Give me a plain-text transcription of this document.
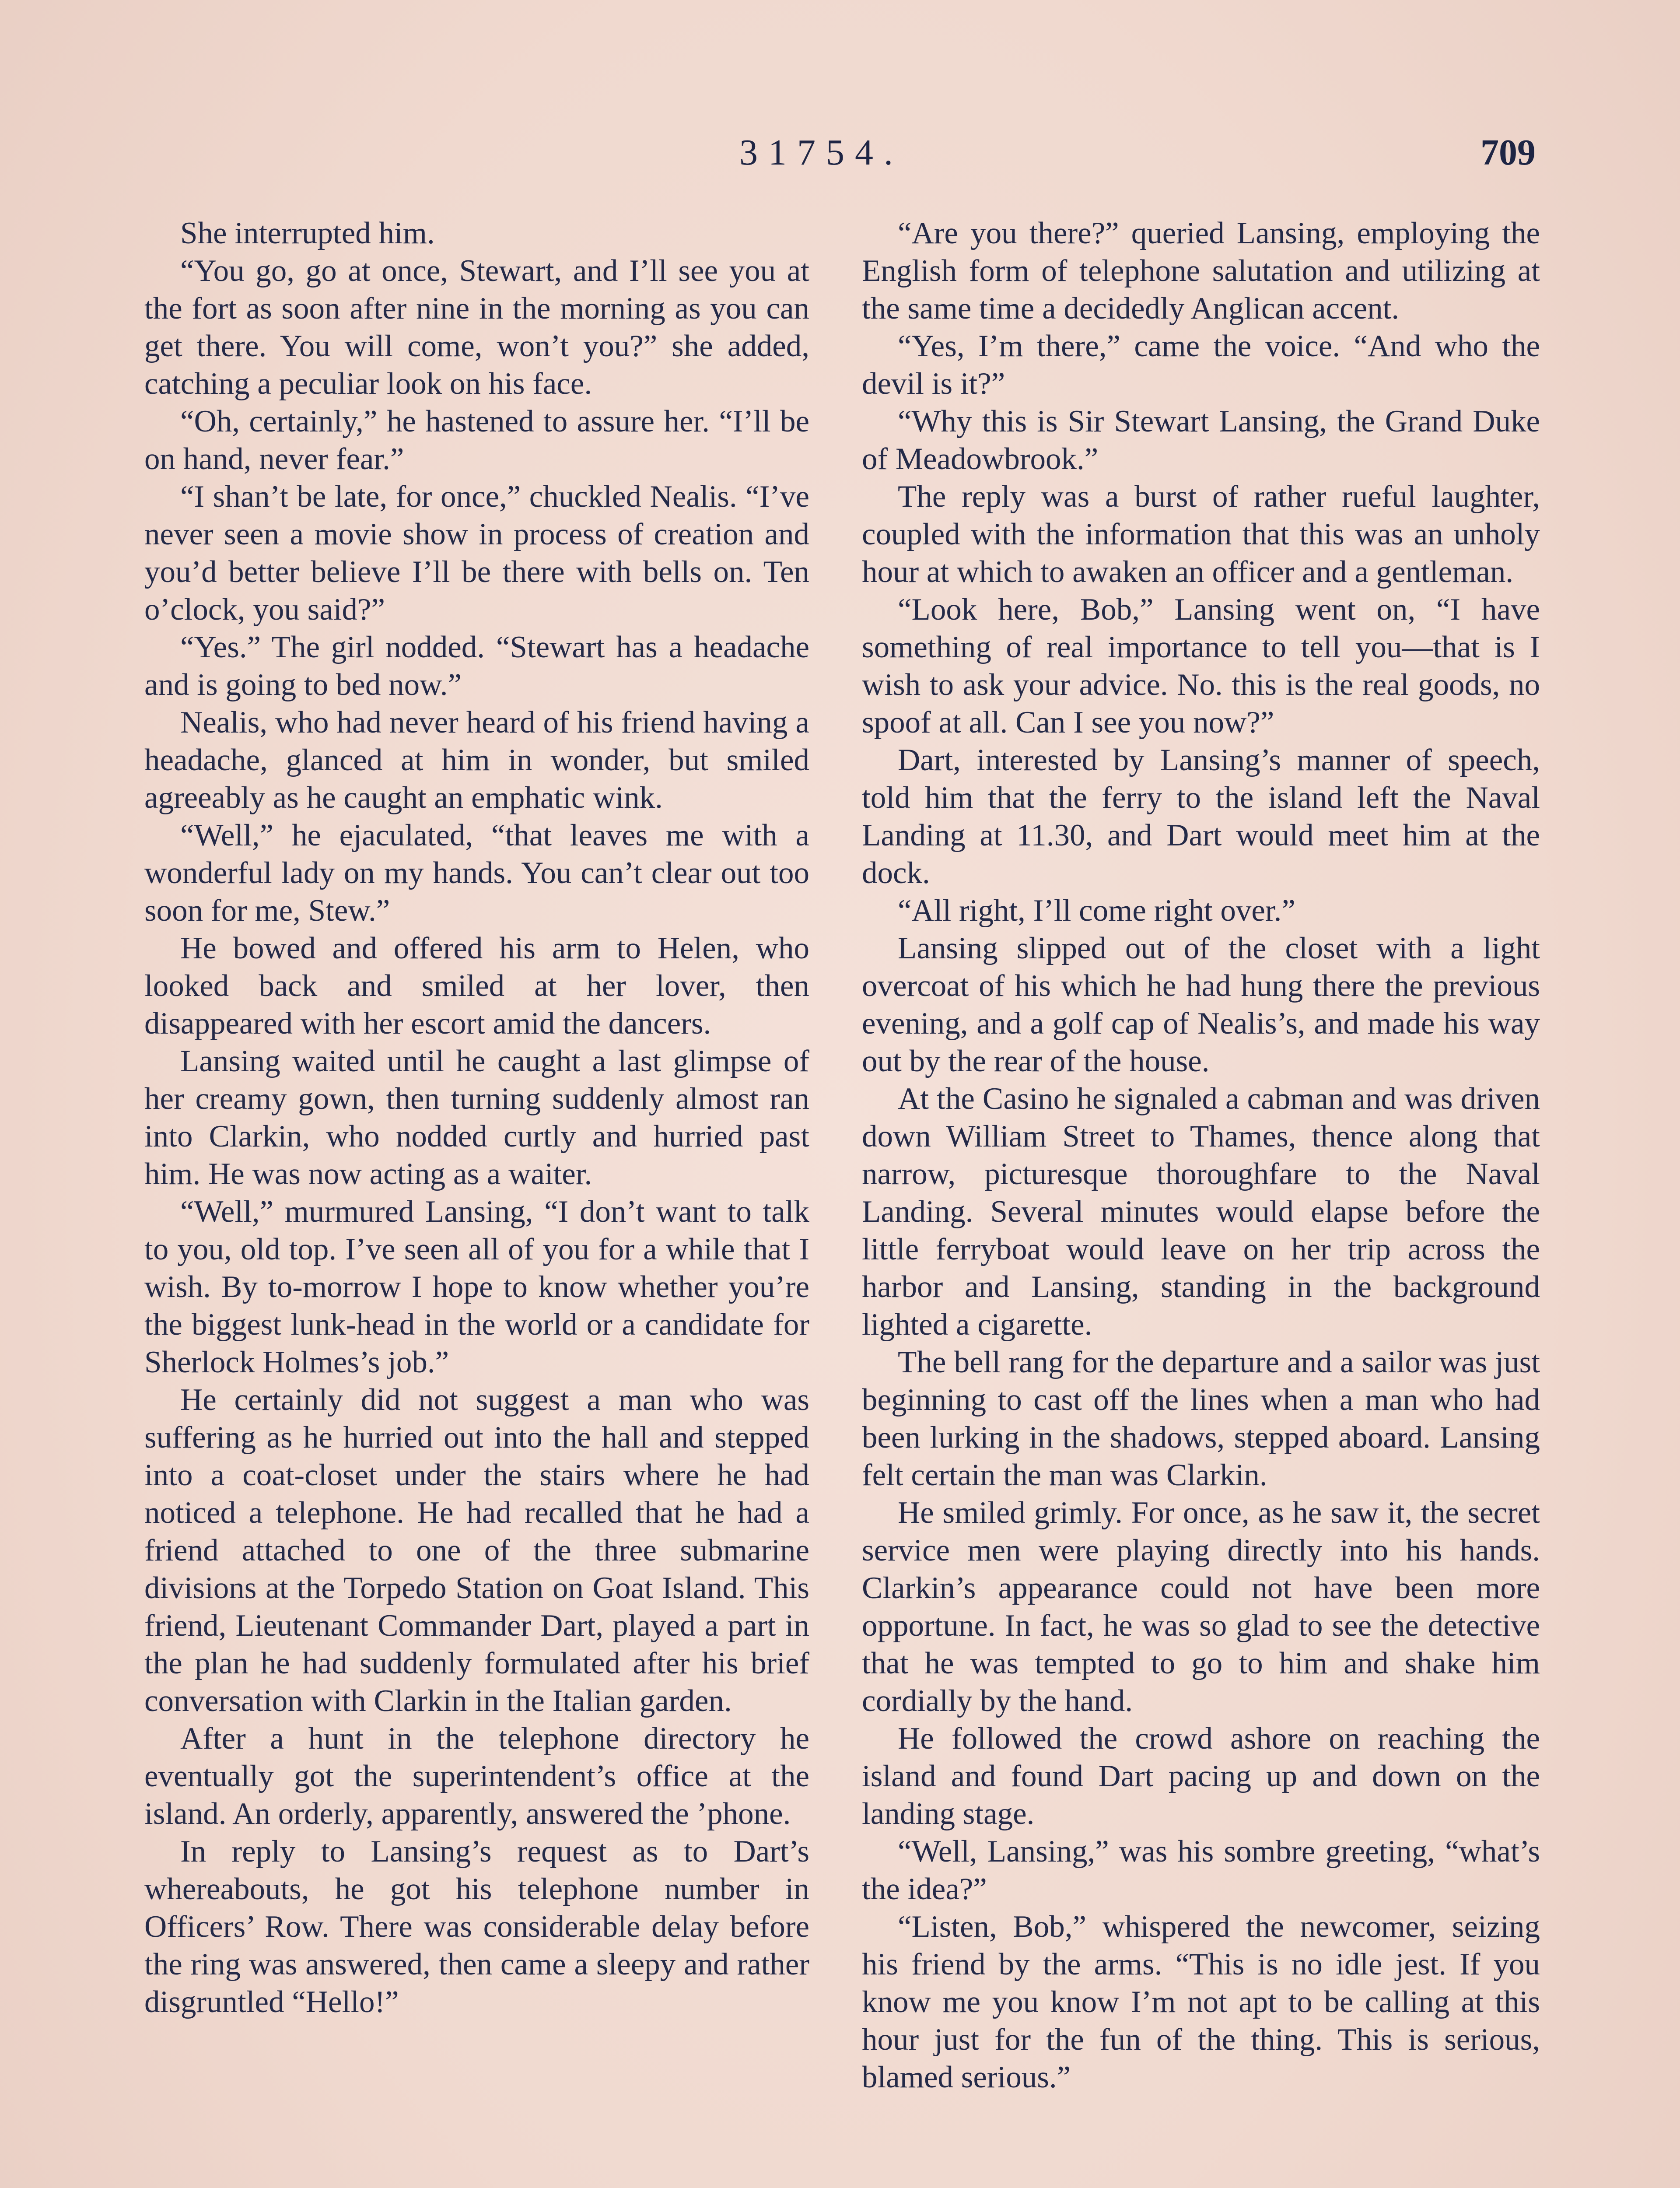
31754.	709

She interrupted him.

“You go, go at once, Stewart, and I’ll see you at the fort as soon after nine in the morning as you can get there. You will come, won’t you?” she added, catching a peculiar look on his face.

“Oh, certainly,” he hastened to assure her. “I’ll be on hand, never fear.”

“I shan’t be late, for once,” chuckled Nealis. “I’ve never seen a movie show in process of creation and you’d better believe I’ll be there with bells on. Ten o’clock, you said?”

“Yes.” The girl nodded. “Stewart has a headache and is going to bed now.”

Nealis, who had never heard of his friend having a headache, glanced at him in wonder, but smiled agreeably as he caught an emphatic wink.

“Well,” he ejaculated, “that leaves me with a wonderful lady on my hands. You can’t clear out too soon for me, Stew.”

He bowed and offered his arm to Helen, who looked back and smiled at her lover, then disappeared with her escort amid the dancers.

Lansing waited until he caught a last glimpse of her creamy gown, then turning suddenly almost ran into Clarkin, who nodded curtly and hurried past him. He was now acting as a waiter.

“Well,” murmured Lansing, “I don’t want to talk to you, old top. I’ve seen all of you for a while that I wish. By to-morrow I hope to know whether you’re the biggest lunk-head in the world or a candidate for Sherlock Holmes’s job.”

He certainly did not suggest a man who was suffering as he hurried out into the hall and stepped into a coat-closet under the stairs where he had noticed a telephone. He had recalled that he had a friend attached to one of the three submarine divisions at the Torpedo Station on Goat Island. This friend, Lieutenant Commander Dart, played a part in the plan he had suddenly formulated after his brief conversation with Clarkin in the Italian garden.

After a hunt in the telephone directory he eventually got the superintendent’s office at the island. An orderly, apparently, answered the ’phone.

In reply to Lansing’s request as to Dart’s whereabouts, he got his telephone number in Officers’ Row. There was considerable delay before the ring was answered, then came a sleepy and rather disgruntled “Hello!”

“Are you there?” queried Lansing, employing the English form of telephone salutation and utilizing at the same time a decidedly Anglican accent.

“Yes, I’m there,” came the voice. “And who the devil is it?”

“Why this is Sir Stewart Lansing, the Grand Duke of Meadowbrook.”

The reply was a burst of rather rueful laughter, coupled with the information that this was an unholy hour at which to awaken an officer and a gentleman.

“Look here, Bob,” Lansing went on, “I have something of real importance to tell you—that is I wish to ask your advice. No. this is the real goods, no spoof at all. Can I see you now?”

Dart, interested by Lansing’s manner of speech, told him that the ferry to the island left the Naval Landing at 11.30, and Dart would meet him at the dock.

“All right, I’ll come right over.”

Lansing slipped out of the closet with a light overcoat of his which he had hung there the previous evening, and a golf cap of Nealis’s, and made his way out by the rear of the house.

At the Casino he signaled a cabman and was driven down William Street to Thames, thence along that narrow, picturesque thoroughfare to the Naval Landing. Several minutes would elapse before the little ferryboat would leave on her trip across the harbor and Lansing, standing in the background lighted a cigarette.

The bell rang for the departure and a sailor was just beginning to cast off the lines when a man who had been lurking in the shadows, stepped aboard. Lansing felt certain the man was Clarkin.

He smiled grimly. For once, as he saw it, the secret service men were playing directly into his hands. Clarkin’s appearance could not have been more opportune. In fact, he was so glad to see the detective that he was tempted to go to him and shake him cordially by the hand.

He followed the crowd ashore on reaching the island and found Dart pacing up and down on the landing stage.

“Well, Lansing,” was his sombre greeting, “what’s the idea?”

“Listen, Bob,” whispered the newcomer, seizing his friend by the arms. “This is no idle jest. If you know me you know I’m not apt to be calling at this hour just for the fun of the thing. This is serious, blamed serious.”
